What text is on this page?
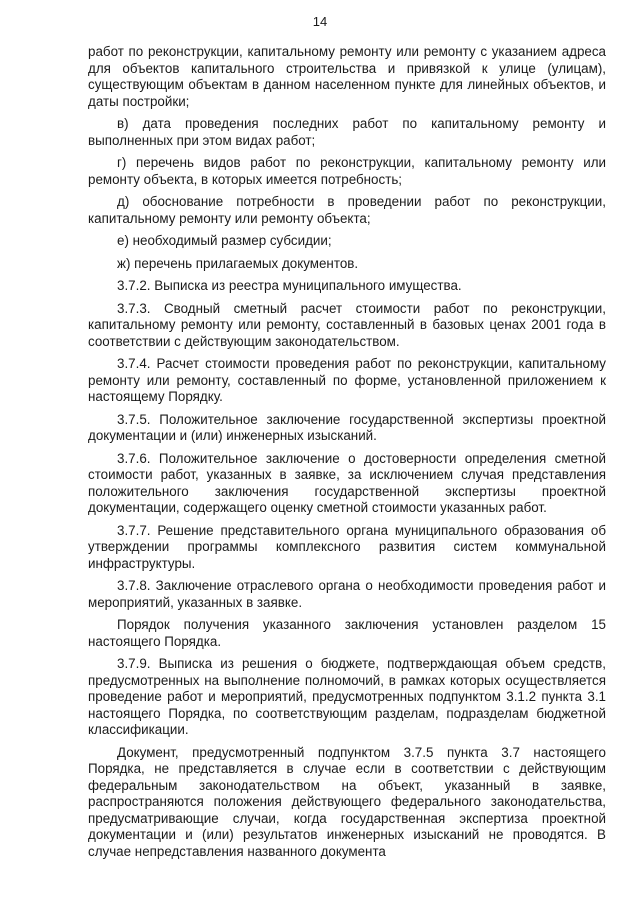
14

работ по реконструкции, капитальному ремонту или ремонту с указанием адреса для объектов капитального строительства и привязкой к улице (улицам), существующим объектам в данном населенном пункте для линейных объектов, и даты постройки;

в) дата проведения последних работ по капитальному ремонту и выполненных при этом видах работ;

г) перечень видов работ по реконструкции, капитальному ремонту или ремонту объекта, в которых имеется потребность;

д) обоснование потребности в проведении работ по реконструкции, капитальному ремонту или ремонту объекта;

е) необходимый размер субсидии;

ж) перечень прилагаемых документов.

3.7.2. Выписка из реестра муниципального имущества.

3.7.3. Сводный сметный расчет стоимости работ по реконструкции, капитальному ремонту или ремонту, составленный в базовых ценах 2001 года в соответствии с действующим законодательством.

3.7.4. Расчет стоимости проведения работ по реконструкции, капитальному ремонту или ремонту, составленный по форме, установленной приложением к настоящему Порядку.

3.7.5. Положительное заключение государственной экспертизы проектной документации и (или) инженерных изысканий.

3.7.6. Положительное заключение о достоверности определения сметной стоимости работ, указанных в заявке, за исключением случая представления положительного заключения государственной экспертизы проектной документации, содержащего оценку сметной стоимости указанных работ.

3.7.7. Решение представительного органа муниципального образования об утверждении программы комплексного развития систем коммунальной инфраструктуры.

3.7.8. Заключение отраслевого органа о необходимости проведения работ и мероприятий, указанных в заявке.

Порядок получения указанного заключения установлен разделом 15 настоящего Порядка.

3.7.9. Выписка из решения о бюджете, подтверждающая объем средств, предусмотренных на выполнение полномочий, в рамках которых осуществляется проведение работ и мероприятий, предусмотренных подпунктом 3.1.2 пункта 3.1 настоящего Порядка, по соответствующим разделам, подразделам бюджетной классификации.

Документ, предусмотренный подпунктом 3.7.5 пункта 3.7 настоящего Порядка, не представляется в случае если в соответствии с действующим федеральным законодательством на объект, указанный в заявке, распространяются положения действующего федерального законодательства, предусматривающие случаи, когда государственная экспертиза проектной документации и (или) результатов инженерных изысканий не проводятся. В случае непредставления названного документа
